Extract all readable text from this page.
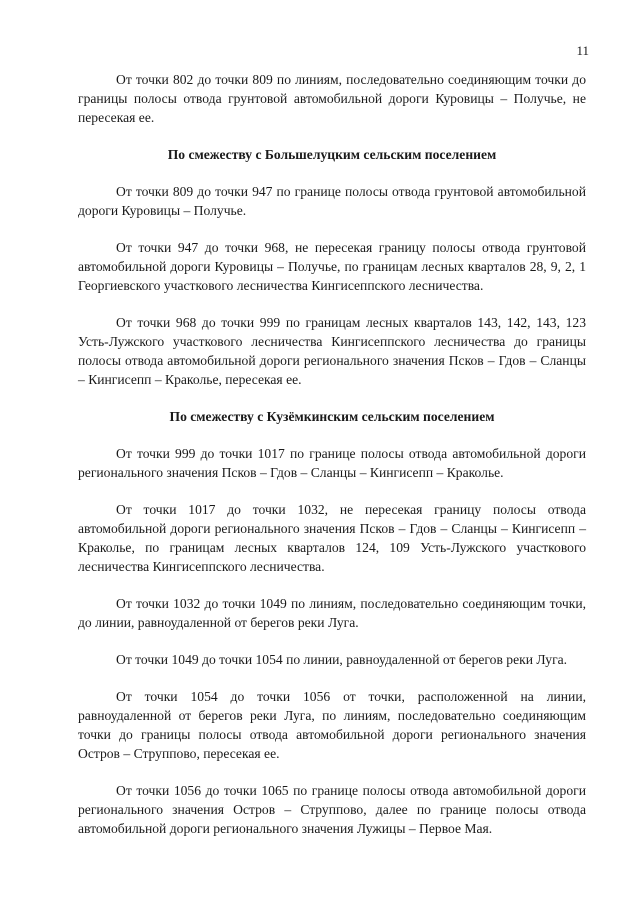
11

От точки 802 до точки 809 по линиям, последовательно соединяющим точки до границы полосы отвода грунтовой автомобильной дороги Куровицы – Получье, не пересекая ее.

По смежеству с Большелуцким сельским поселением

От точки 809 до точки 947 по границе полосы отвода грунтовой автомобильной дороги Куровицы – Получье.

От точки 947 до точки 968, не пересекая границу полосы отвода грунтовой автомобильной дороги Куровицы – Получье, по границам лесных кварталов 28, 9, 2, 1 Георгиевского участкового лесничества Кингисеппского лесничества.

От точки 968 до точки 999 по границам лесных кварталов 143, 142, 143, 123 Усть-Лужского участкового лесничества Кингисеппского лесничества до границы полосы отвода автомобильной дороги регионального значения Псков – Гдов – Сланцы – Кингисепп – Краколье, пересекая ее.

По смежеству с Кузёмкинским сельским поселением

От точки 999 до точки 1017 по границе полосы отвода автомобильной дороги регионального значения Псков – Гдов – Сланцы – Кингисепп – Краколье.

От точки 1017 до точки 1032, не пересекая границу полосы отвода автомобильной дороги регионального значения Псков – Гдов – Сланцы – Кингисепп – Краколье, по границам лесных кварталов 124, 109 Усть-Лужского участкового лесничества Кингисеппского лесничества.

От точки 1032 до точки 1049 по линиям, последовательно соединяющим точки, до линии, равноудаленной от берегов реки Луга.

От точки 1049 до точки 1054 по линии, равноудаленной от берегов реки Луга.

От точки 1054 до точки 1056 от точки, расположенной на линии, равноудаленной от берегов реки Луга, по линиям, последовательно соединяющим точки до границы полосы отвода автомобильной дороги регионального значения Остров – Струппово, пересекая ее.

От точки 1056 до точки 1065 по границе полосы отвода автомобильной дороги регионального значения Остров – Струппово, далее по границе полосы отвода автомобильной дороги регионального значения Лужицы – Первое Мая.
